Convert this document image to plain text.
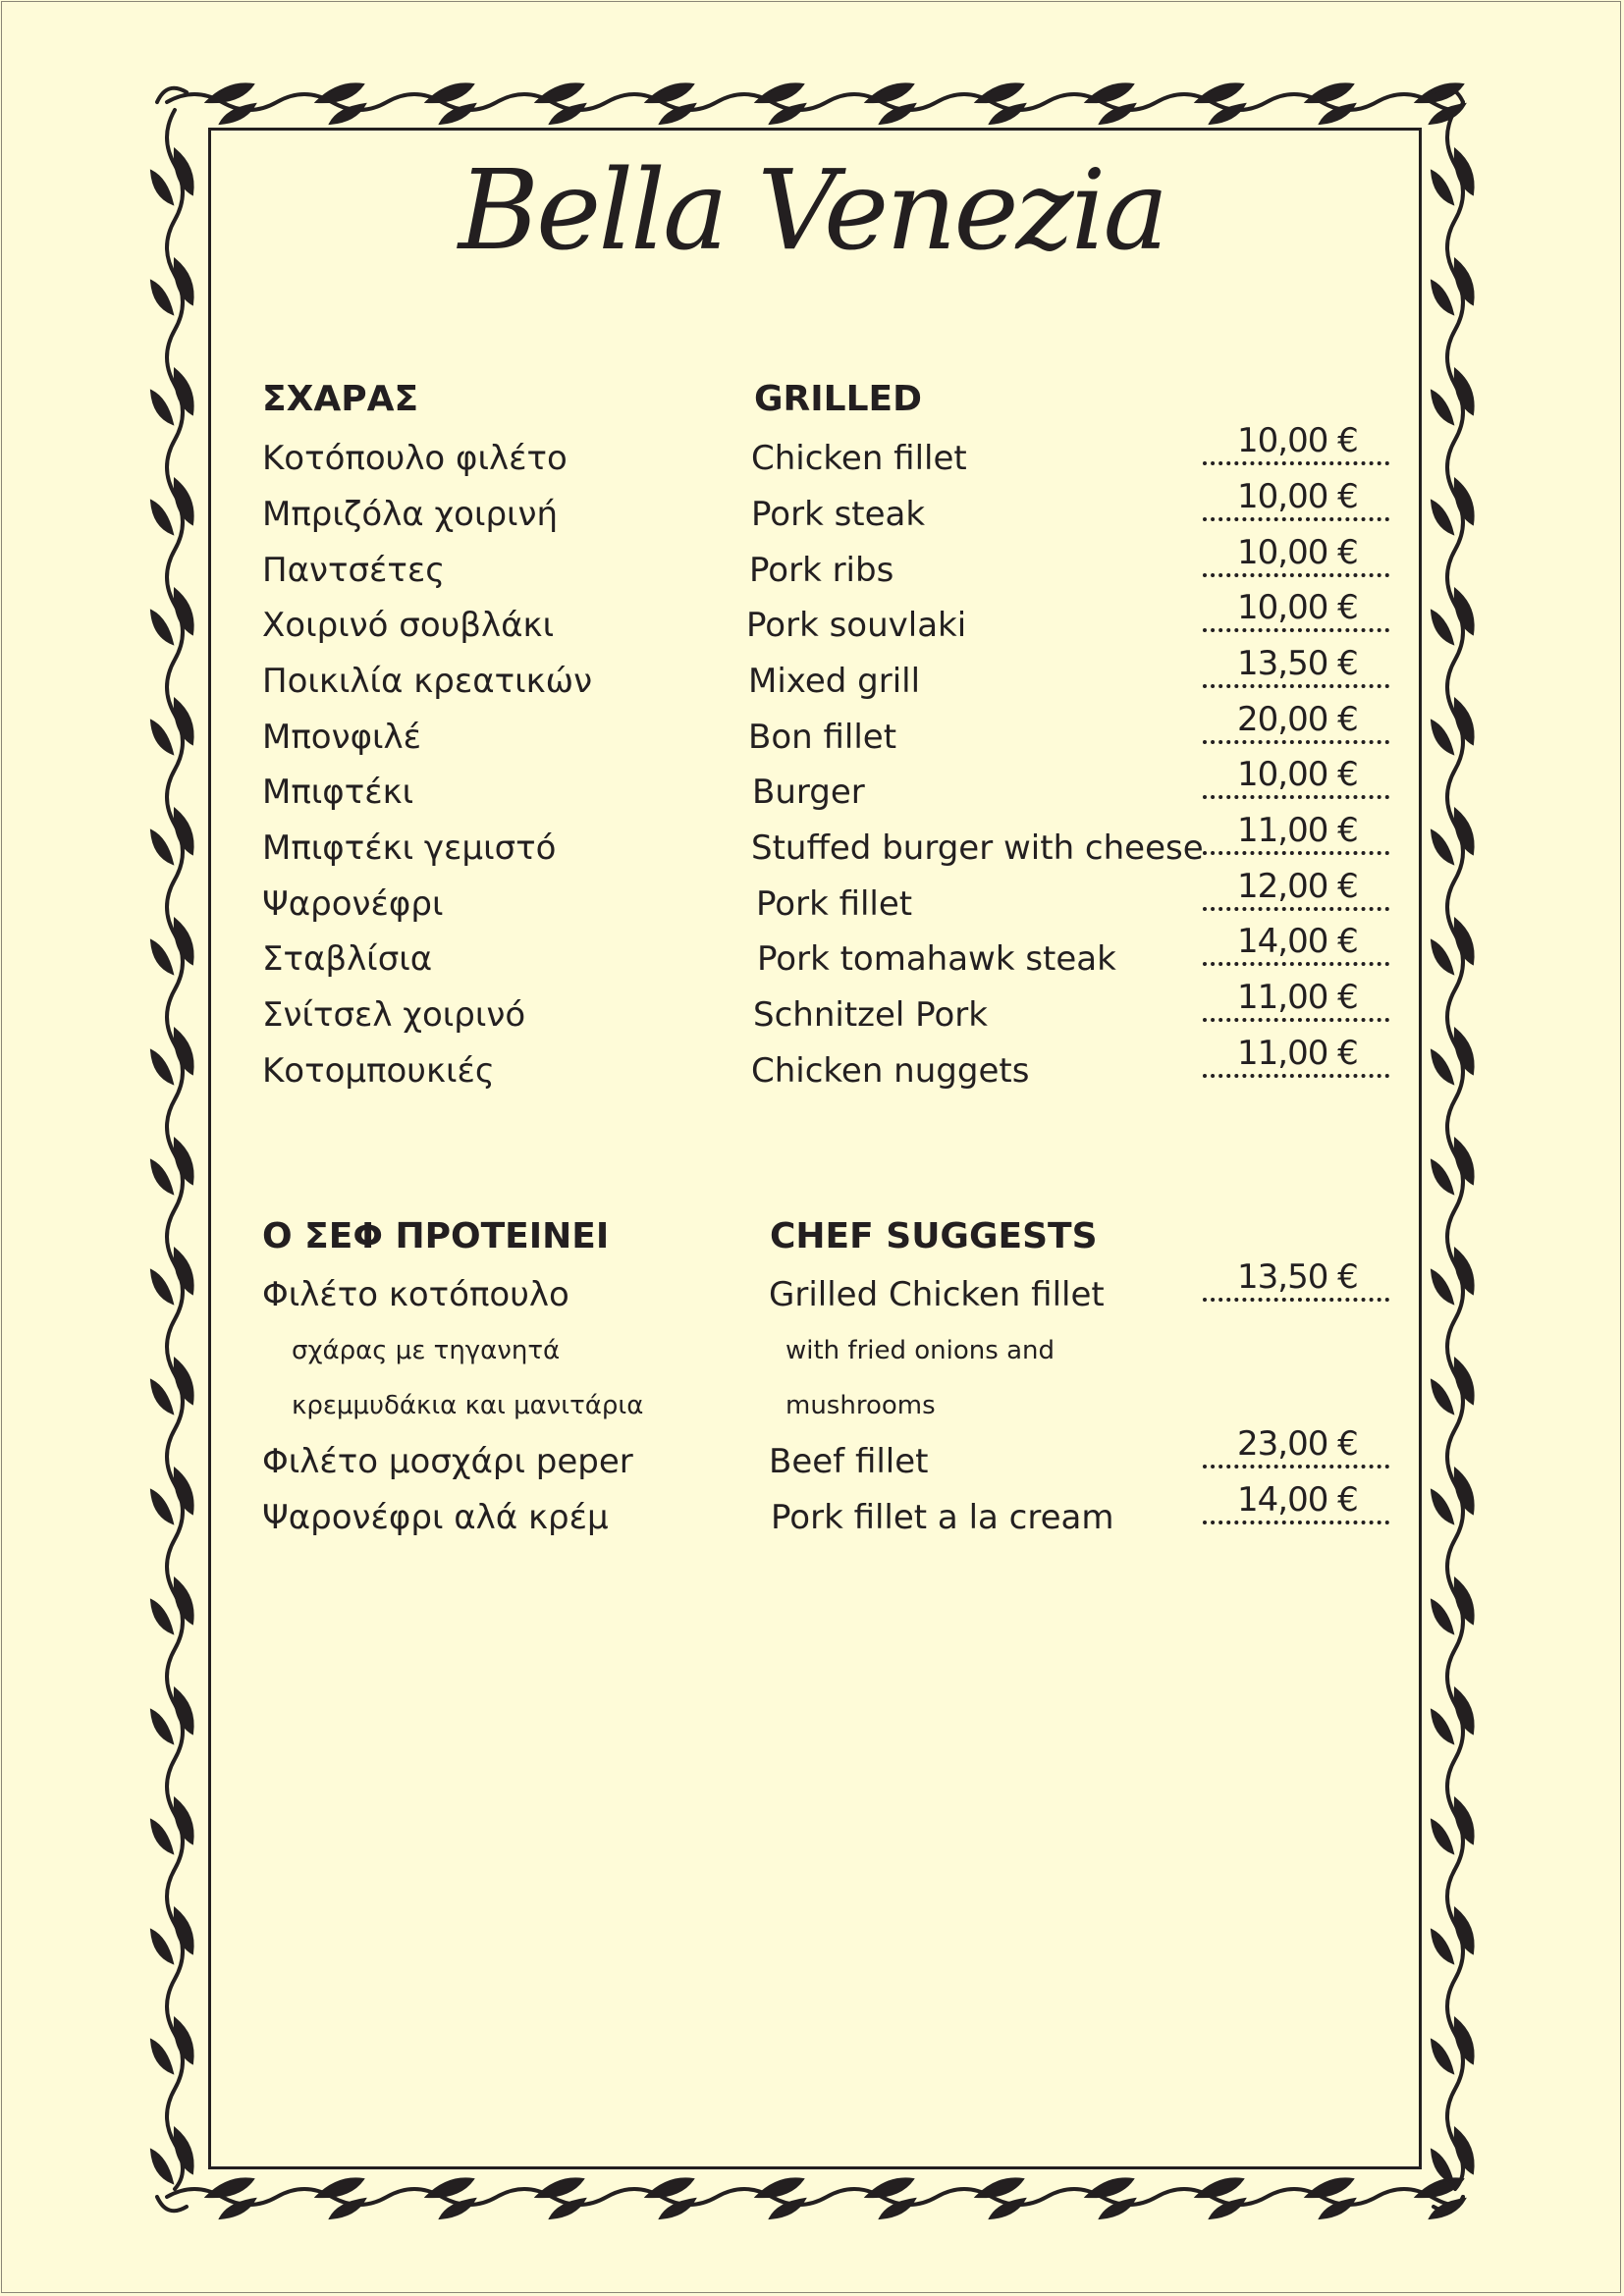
Bella Venezia
ΣΧΑΡΑΣ	GRILLED
Κοτόπουλο φιλέτο	Chicken fillet	10,00 €
Μπριζόλα χοιρινή	Pork steak	10,00 €
Παντσέτες	Pork ribs	10,00 €
Χοιρινό σουβλάκι	Pork souvlaki	10,00 €
Ποικιλία κρεατικών	Mixed grill	13,50 €
Μπονφιλέ	Bon fillet	20,00 €
Μπιφτέκι	Burger	10,00 €
Μπιφτέκι γεμιστό	Stuffed burger with cheese 11,00 €
Ψαρονέφρι	Pork fillet	12,00 €
Σταβλίσια	Pork tomahawk steak	14,00 €
Σνίτσελ χοιρινό	Schnitzel Pork	11,00 €
Κοτομπουκιές	Chicken nuggets	11,00 €
Ο ΣΕΦ ΠΡΟΤΕΙΝΕΙ	CHEF SUGGESTS
Φιλέτο κοτόπουλο	Grilled Chicken fillet	13,50 €
σχάρας με τηγανητά	with fried onions and
κρεμμυδάκια και μανιτάρια	mushrooms
Φιλέτο μοσχάρι peper	Beef fillet	23,00 €
Ψαρονέφρι αλά κρέμ	Pork fillet a la cream	14,00 €
